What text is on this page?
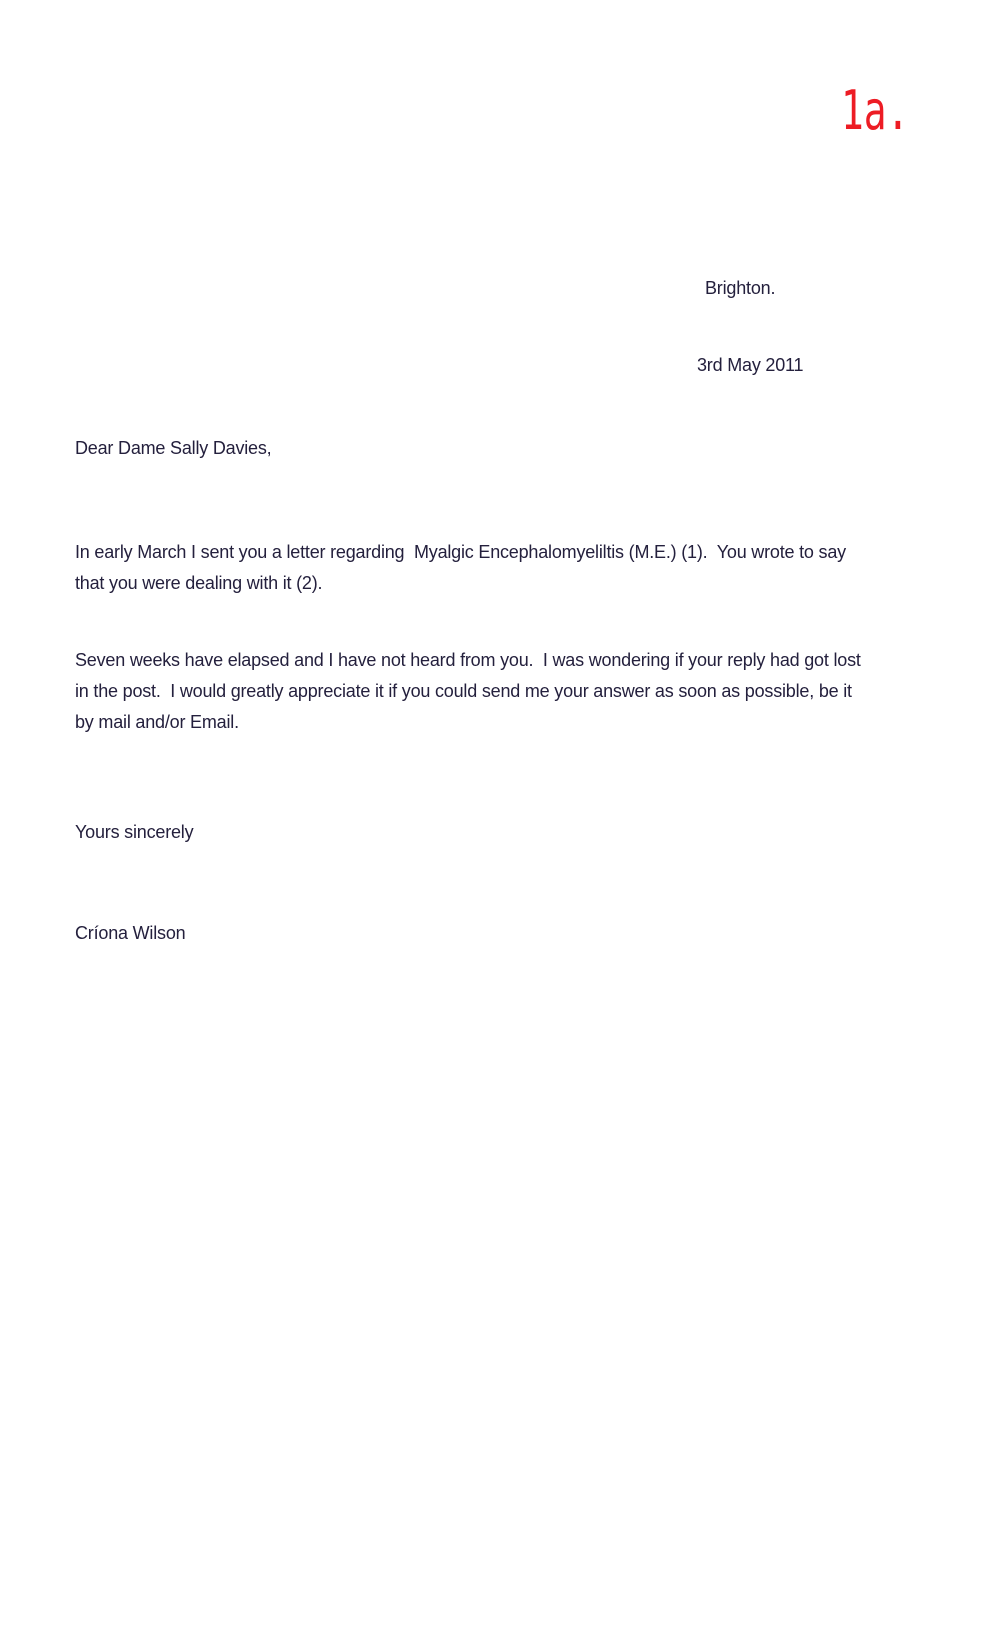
1a.
Brighton.
3rd May 2011
Dear Dame Sally Davies,
In early March I sent you a letter regarding  Myalgic Encephalomyeliltis (M.E.) (1).  You wrote to say
that you were dealing with it (2).
Seven weeks have elapsed and I have not heard from you.  I was wondering if your reply had got lost
in the post.  I would greatly appreciate it if you could send me your answer as soon as possible, be it
by mail and/or Email.
Yours sincerely
Críona Wilson
